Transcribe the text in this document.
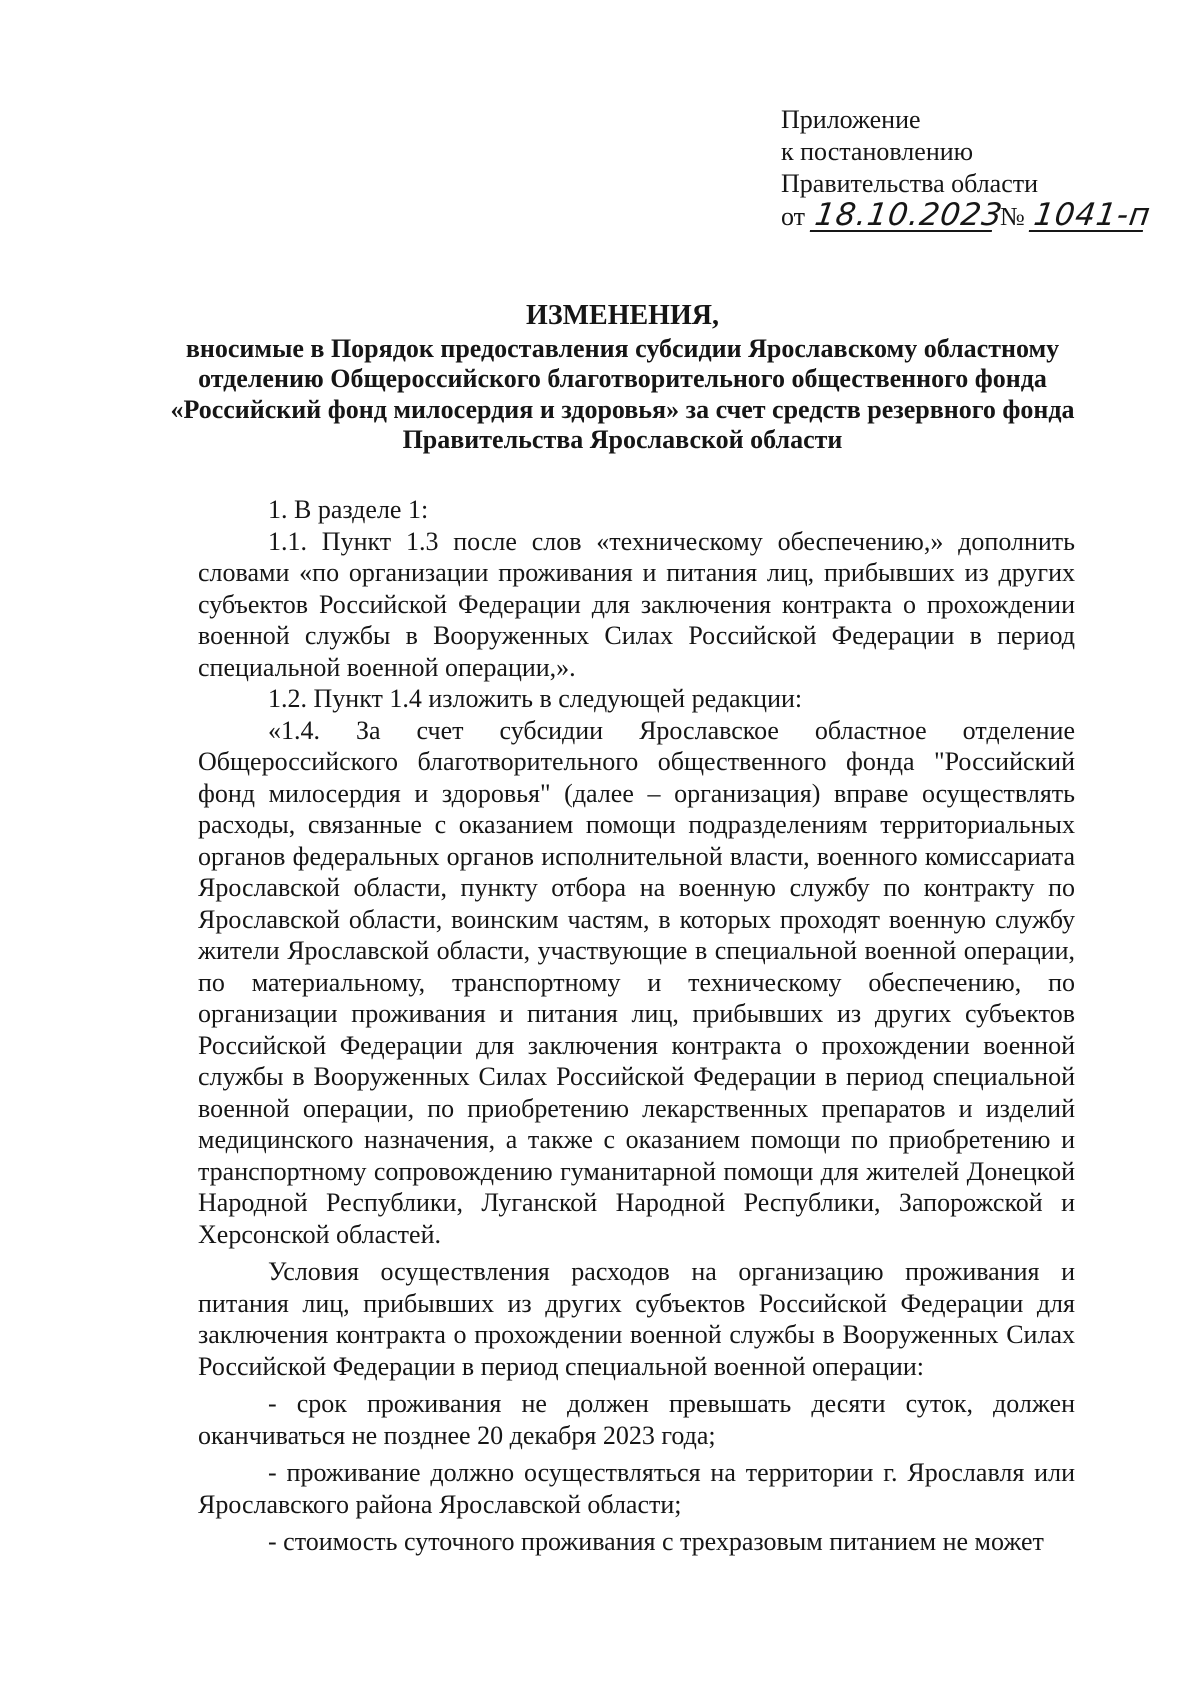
Приложение
к постановлению
Правительства области
от 18.10.2023 № 1041-п
ИЗМЕНЕНИЯ,
вносимые в Порядок предоставления субсидии Ярославскому областному отделению Общероссийского благотворительного общественного фонда «Российский фонд милосердия и здоровья» за счет средств резервного фонда Правительства Ярославской области

1. В разделе 1:

1.1. Пункт 1.3 после слов «техническому обеспечению,» дополнить словами «по организации проживания и питания лиц, прибывших из других субъектов Российской Федерации для заключения контракта о прохождении военной службы в Вооруженных Силах Российской Федерации в период специальной военной операции,».

1.2. Пункт 1.4 изложить в следующей редакции:

«1.4. За счет субсидии Ярославское областное отделение Общероссийского благотворительного общественного фонда "Российский фонд милосердия и здоровья" (далее – организация) вправе осуществлять расходы, связанные с оказанием помощи подразделениям территориальных органов федеральных органов исполнительной власти, военного комиссариата Ярославской области, пункту отбора на военную службу по контракту по Ярославской области, воинским частям, в которых проходят военную службу жители Ярославской области, участвующие в специальной военной операции, по материальному, транспортному и техническому обеспечению, по организации проживания и питания лиц, прибывших из других субъектов Российской Федерации для заключения контракта о прохождении военной службы в Вооруженных Силах Российской Федерации в период специальной военной операции, по приобретению лекарственных препаратов и изделий медицинского назначения, а также с оказанием помощи по приобретению и транспортному сопровождению гуманитарной помощи для жителей Донецкой Народной Республики, Луганской Народной Республики, Запорожской и Херсонской областей.

Условия осуществления расходов на организацию проживания и питания лиц, прибывших из других субъектов Российской Федерации для заключения контракта о прохождении военной службы в Вооруженных Силах Российской Федерации в период специальной военной операции:

- срок проживания не должен превышать десяти суток, должен оканчиваться не позднее 20 декабря 2023 года;

- проживание должно осуществляться на территории г. Ярославля или Ярославского района Ярославской области;

- стоимость суточного проживания с трехразовым питанием не может
